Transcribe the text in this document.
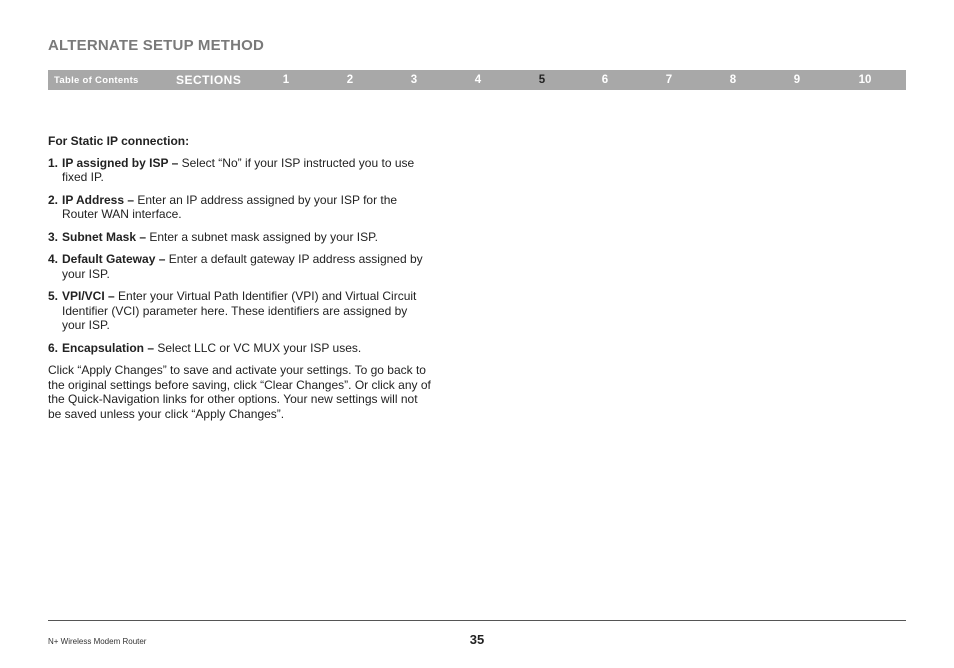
ALTERNATE SETUP METHOD
Table of Contents	SECTIONS	1	2	3	4	5	6	7	8	9	10

For Static IP connection:

1. IP assigned by ISP – Select “No” if your ISP instructed you to use fixed IP.
2. IP Address – Enter an IP address assigned by your ISP for the Router WAN interface.
3. Subnet Mask – Enter a subnet mask assigned by your ISP.
4. Default Gateway – Enter a default gateway IP address assigned by your ISP.
5. VPI/VCI – Enter your Virtual Path Identifier (VPI) and Virtual Circuit Identifier (VCI) parameter here. These identifiers are assigned by your ISP.
6. Encapsulation – Select LLC or VC MUX your ISP uses.

Click “Apply Changes” to save and activate your settings. To go back to the original settings before saving, click “Clear Changes”. Or click any of the Quick-Navigation links for other options. Your new settings will not be saved unless your click “Apply Changes”.

N+ Wireless Modem Router	35
